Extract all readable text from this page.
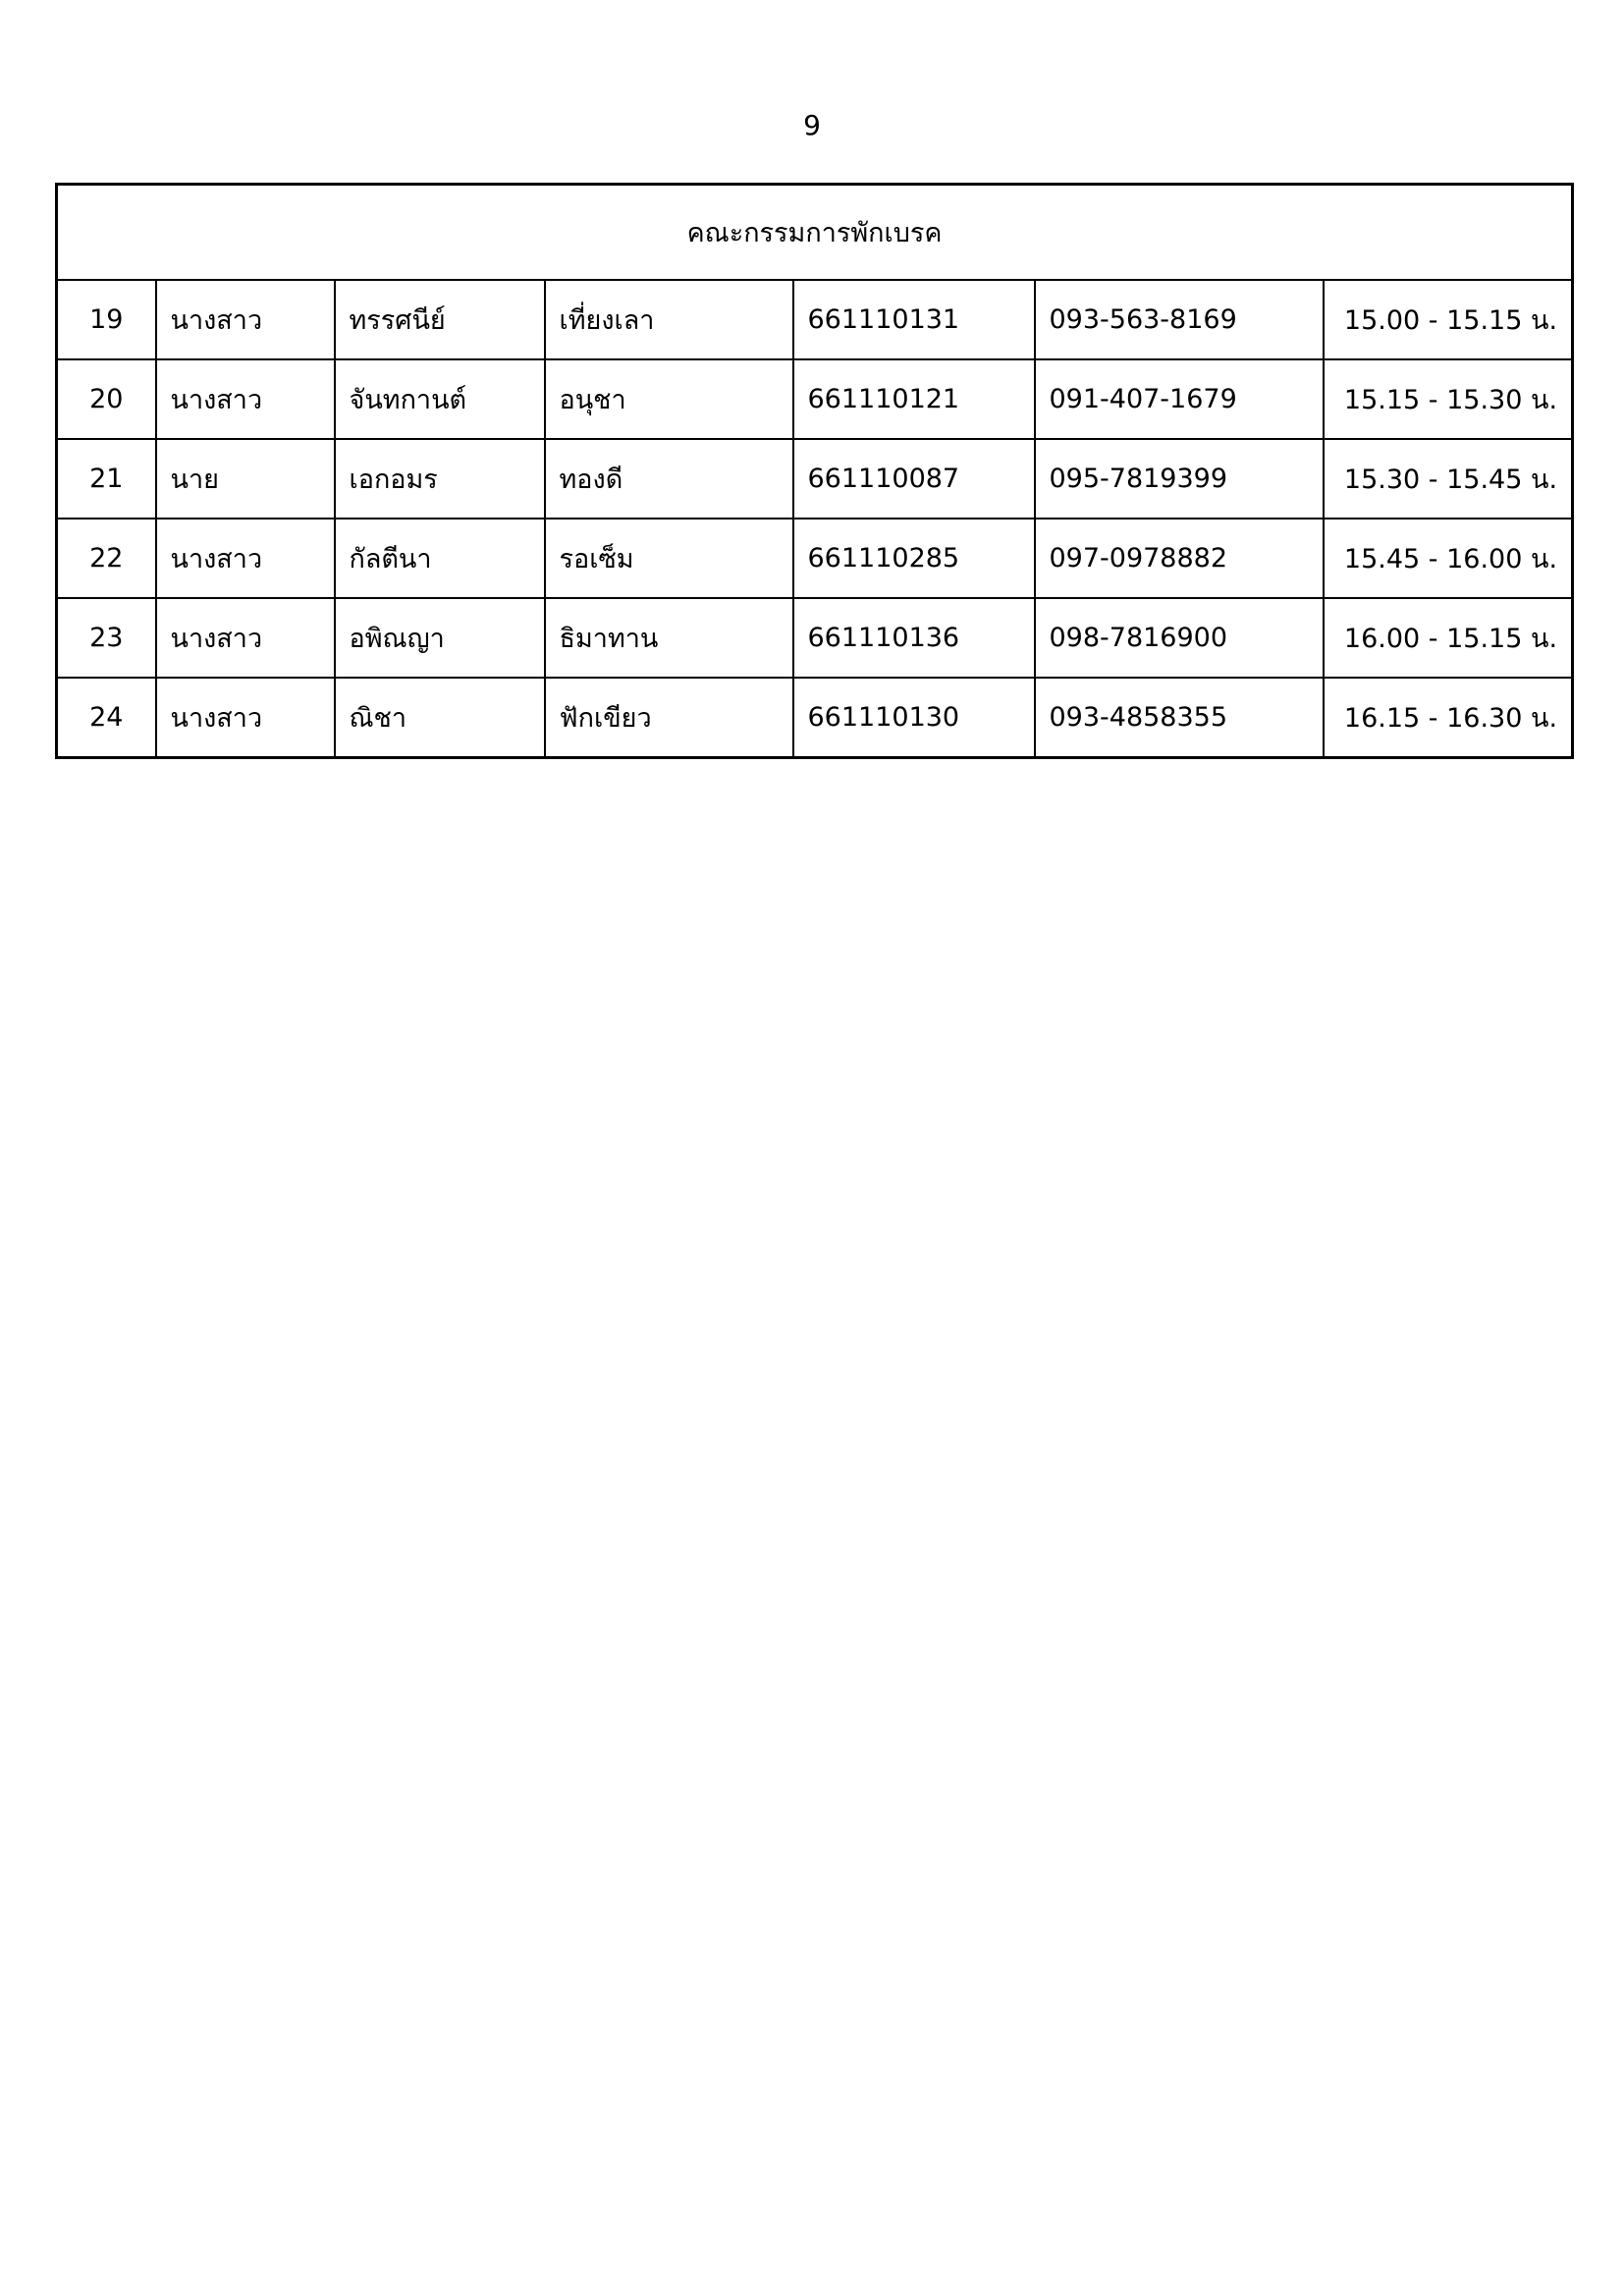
9
คณะกรรมการพักเบรค						
19	นางสาว	ทรรศนีย์	เที่ยงเลา	661110131	093-563-8169	15.00 - 15.15 น.
20	นางสาว	จันทกานต์	อนุชา	661110121	091-407-1679	15.15 - 15.30 น.
21	นาย	เอกอมร	ทองดี	661110087	095-7819399	15.30 - 15.45 น.
22	นางสาว	กัลตีนา	รอเซ็ม	661110285	097-0978882	15.45 - 16.00 น.
23	นางสาว	อพิณญา	ธิมาทาน	661110136	098-7816900	16.00 - 15.15 น.
24	นางสาว	ณิชา	ฟักเขียว	661110130	093-4858355	16.15 - 16.30 น.
